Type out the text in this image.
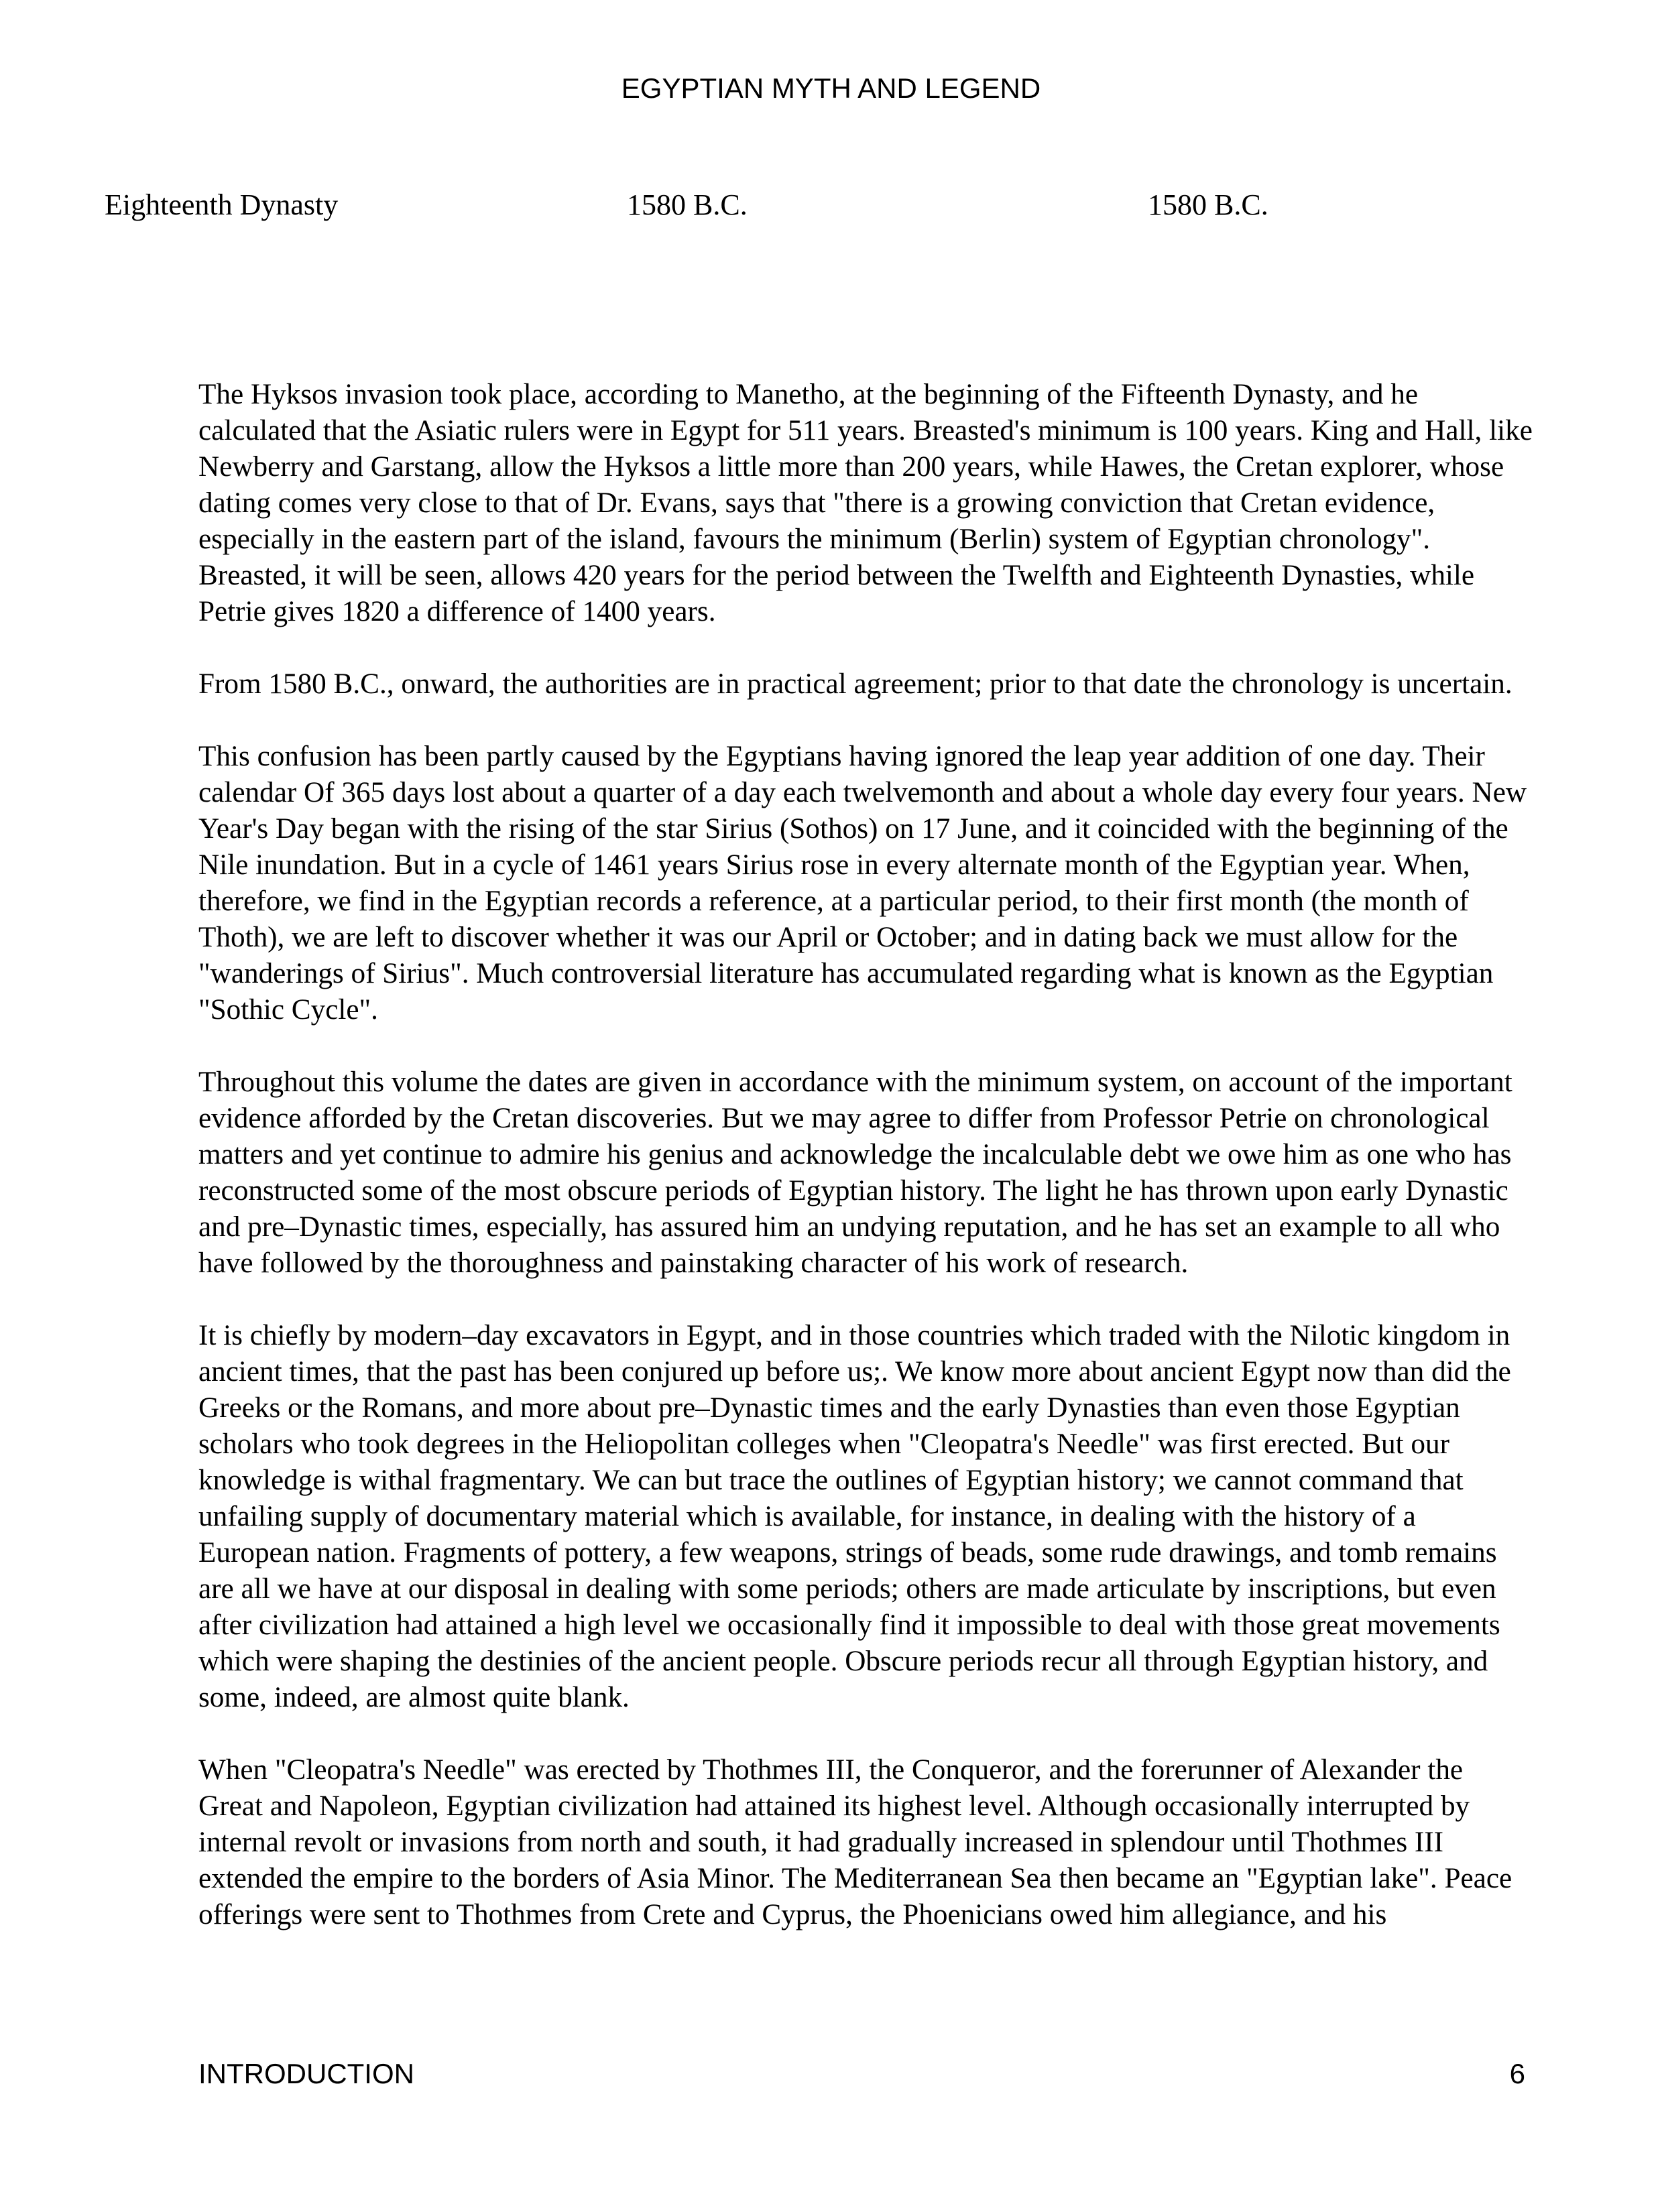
EGYPTIAN MYTH AND LEGEND
Eighteenth Dynasty	1580 B.C.	1580 B.C.

The Hyksos invasion took place, according to Manetho, at the beginning of the Fifteenth Dynasty, and he calculated that the Asiatic rulers were in Egypt for 511 years. Breasted's minimum is 100 years. King and Hall, like Newberry and Garstang, allow the Hyksos a little more than 200 years, while Hawes, the Cretan explorer, whose dating comes very close to that of Dr. Evans, says that "there is a growing conviction that Cretan evidence, especially in the eastern part of the island, favours the minimum (Berlin) system of Egyptian chronology". Breasted, it will be seen, allows 420 years for the period between the Twelfth and Eighteenth Dynasties, while Petrie gives 1820 a difference of 1400 years.

From 1580 B.C., onward, the authorities are in practical agreement; prior to that date the chronology is uncertain.

This confusion has been partly caused by the Egyptians having ignored the leap year addition of one day. Their calendar Of 365 days lost about a quarter of a day each twelvemonth and about a whole day every four years. New Year's Day began with the rising of the star Sirius (Sothos) on 17 June, and it coincided with the beginning of the Nile inundation. But in a cycle of 1461 years Sirius rose in every alternate month of the Egyptian year. When, therefore, we find in the Egyptian records a reference, at a particular period, to their first month (the month of Thoth), we are left to discover whether it was our April or October; and in dating back we must allow for the "wanderings of Sirius". Much controversial literature has accumulated regarding what is known as the Egyptian "Sothic Cycle".

Throughout this volume the dates are given in accordance with the minimum system, on account of the important evidence afforded by the Cretan discoveries. But we may agree to differ from Professor Petrie on chronological matters and yet continue to admire his genius and acknowledge the incalculable debt we owe him as one who has reconstructed some of the most obscure periods of Egyptian history. The light he has thrown upon early Dynastic and pre–Dynastic times, especially, has assured him an undying reputation, and he has set an example to all who have followed by the thoroughness and painstaking character of his work of research.

It is chiefly by modern–day excavators in Egypt, and in those countries which traded with the Nilotic kingdom in ancient times, that the past has been conjured up before us;. We know more about ancient Egypt now than did the Greeks or the Romans, and more about pre–Dynastic times and the early Dynasties than even those Egyptian scholars who took degrees in the Heliopolitan colleges when "Cleopatra's Needle" was first erected. But our knowledge is withal fragmentary. We can but trace the outlines of Egyptian history; we cannot command that unfailing supply of documentary material which is available, for instance, in dealing with the history of a European nation. Fragments of pottery, a few weapons, strings of beads, some rude drawings, and tomb remains are all we have at our disposal in dealing with some periods; others are made articulate by inscriptions, but even after civilization had attained a high level we occasionally find it impossible to deal with those great movements which were shaping the destinies of the ancient people. Obscure periods recur all through Egyptian history, and some, indeed, are almost quite blank.

When "Cleopatra's Needle" was erected by Thothmes III, the Conqueror, and the forerunner of Alexander the Great and Napoleon, Egyptian civilization had attained its highest level. Although occasionally interrupted by internal revolt or invasions from north and south, it had gradually increased in splendour until Thothmes III extended the empire to the borders of Asia Minor. The Mediterranean Sea then became an "Egyptian lake". Peace offerings were sent to Thothmes from Crete and Cyprus, the Phoenicians owed him allegiance, and his

INTRODUCTION	6
